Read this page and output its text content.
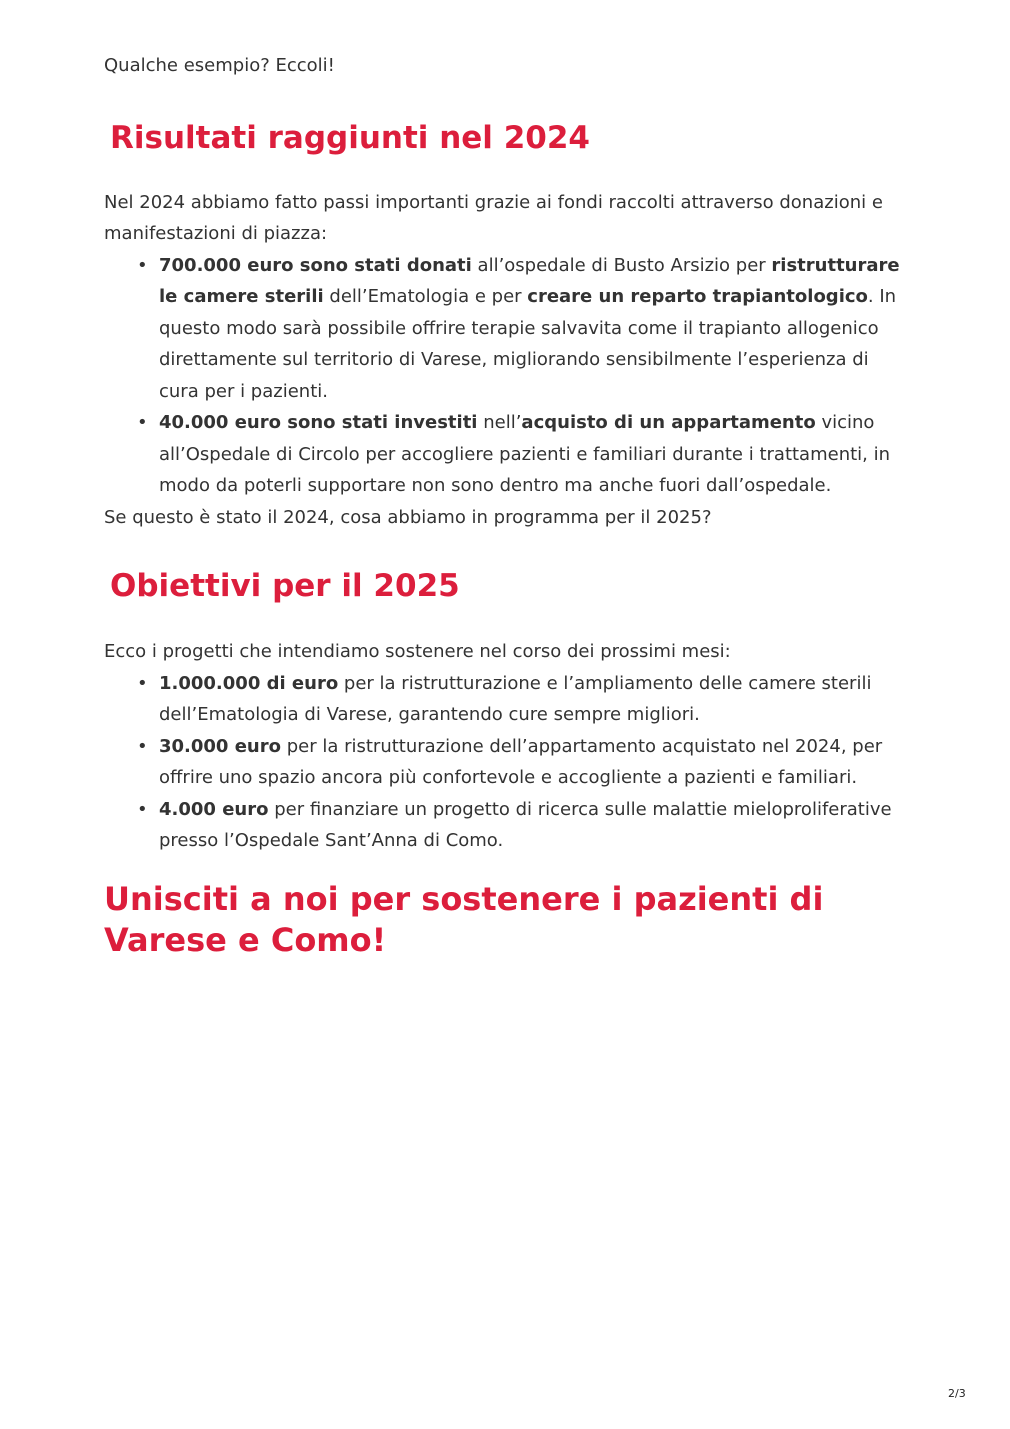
Qualche esempio? Eccoli!

Risultati raggiunti nel 2024

Nel 2024 abbiamo fatto passi importanti grazie ai fondi raccolti attraverso donazioni e manifestazioni di piazza:

• 700.000 euro sono stati donati all’ospedale di Busto Arsizio per ristrutturare le camere sterili dell’Ematologia e per creare un reparto trapiantologico. In questo modo sarà possibile offrire terapie salvavita come il trapianto allogenico direttamente sul territorio di Varese, migliorando sensibilmente l’esperienza di cura per i pazienti.
• 40.000 euro sono stati investiti nell’acquisto di un appartamento vicino all’Ospedale di Circolo per accogliere pazienti e familiari durante i trattamenti, in modo da poterli supportare non sono dentro ma anche fuori dall’ospedale.

Se questo è stato il 2024, cosa abbiamo in programma per il 2025?

Obiettivi per il 2025

Ecco i progetti che intendiamo sostenere nel corso dei prossimi mesi:

• 1.000.000 di euro per la ristrutturazione e l’ampliamento delle camere sterili dell’Ematologia di Varese, garantendo cure sempre migliori.
• 30.000 euro per la ristrutturazione dell’appartamento acquistato nel 2024, per offrire uno spazio ancora più confortevole e accogliente a pazienti e familiari.
• 4.000 euro per finanziare un progetto di ricerca sulle malattie mieloproliferative presso l’Ospedale Sant’Anna di Como.
Unisciti a noi per sostenere i pazienti di Varese e Como!
2/3
